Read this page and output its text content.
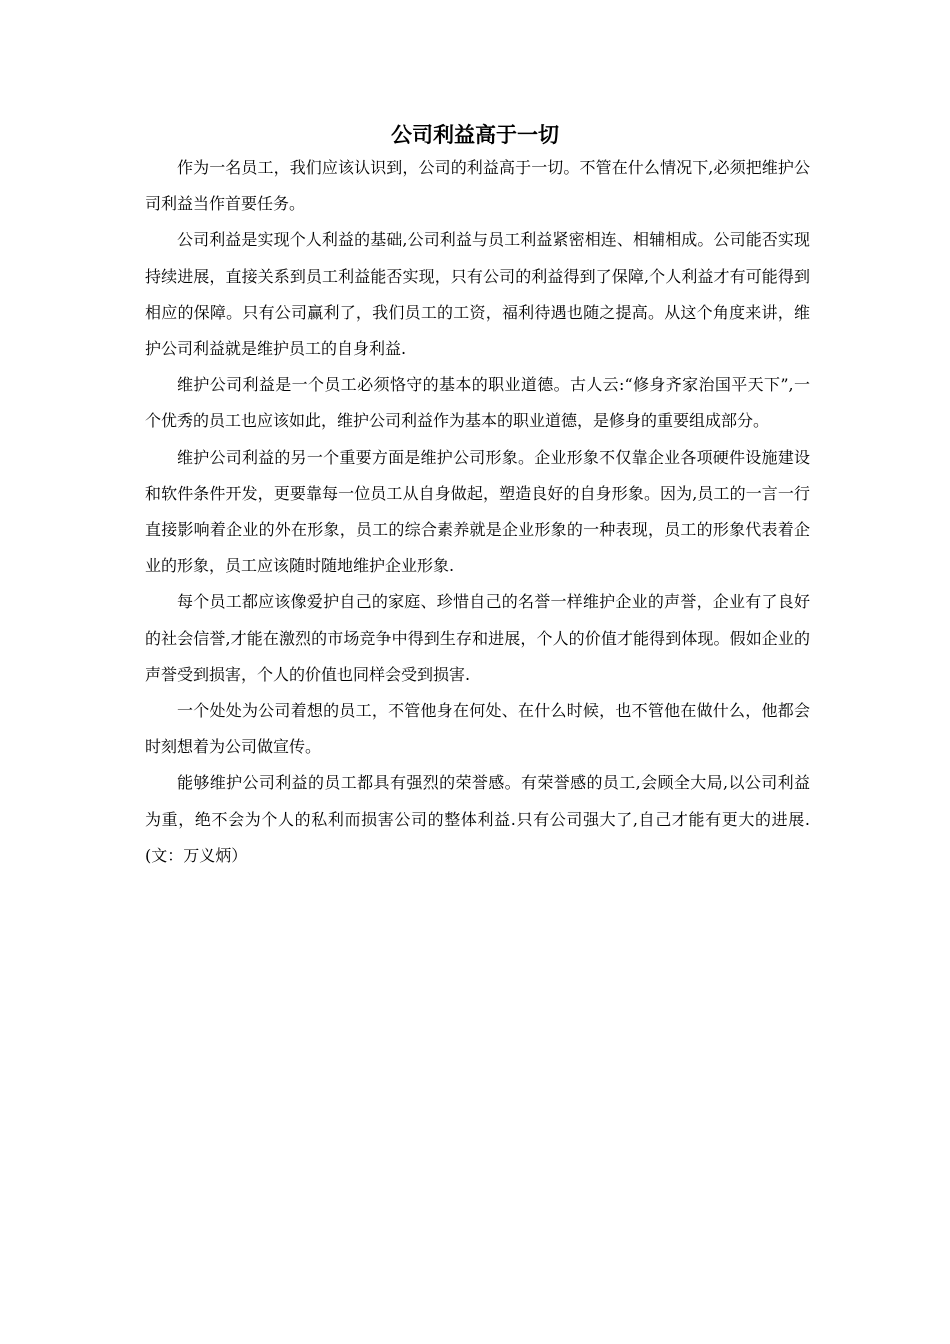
公司利益高于一切

作为一名员工，我们应该认识到，公司的利益高于一切。不管在什么情况下,必须把维护公司利益当作首要任务。

公司利益是实现个人利益的基础,公司利益与员工利益紧密相连、相辅相成。公司能否实现持续进展，直接关系到员工利益能否实现，只有公司的利益得到了保障,个人利益才有可能得到相应的保障。只有公司赢利了，我们员工的工资，福利待遇也随之提高。从这个角度来讲，维护公司利益就是维护员工的自身利益.

维护公司利益是一个员工必须恪守的基本的职业道德。古人云:“修身齐家治国平天下”,一个优秀的员工也应该如此，维护公司利益作为基本的职业道德，是修身的重要组成部分。

维护公司利益的另一个重要方面是维护公司形象。企业形象不仅靠企业各项硬件设施建设和软件条件开发，更要靠每一位员工从自身做起，塑造良好的自身形象。因为,员工的一言一行直接影响着企业的外在形象，员工的综合素养就是企业形象的一种表现，员工的形象代表着企业的形象，员工应该随时随地维护企业形象.

每个员工都应该像爱护自己的家庭、珍惜自己的名誉一样维护企业的声誉，企业有了良好的社会信誉,才能在激烈的市场竞争中得到生存和进展，个人的价值才能得到体现。假如企业的声誉受到损害，个人的价值也同样会受到损害.

一个处处为公司着想的员工，不管他身在何处、在什么时候，也不管他在做什么，他都会时刻想着为公司做宣传。

能够维护公司利益的员工都具有强烈的荣誉感。有荣誉感的员工,会顾全大局,以公司利益为重，绝不会为个人的私利而损害公司的整体利益.只有公司强大了,自己才能有更大的进展.(文：万义炳）
